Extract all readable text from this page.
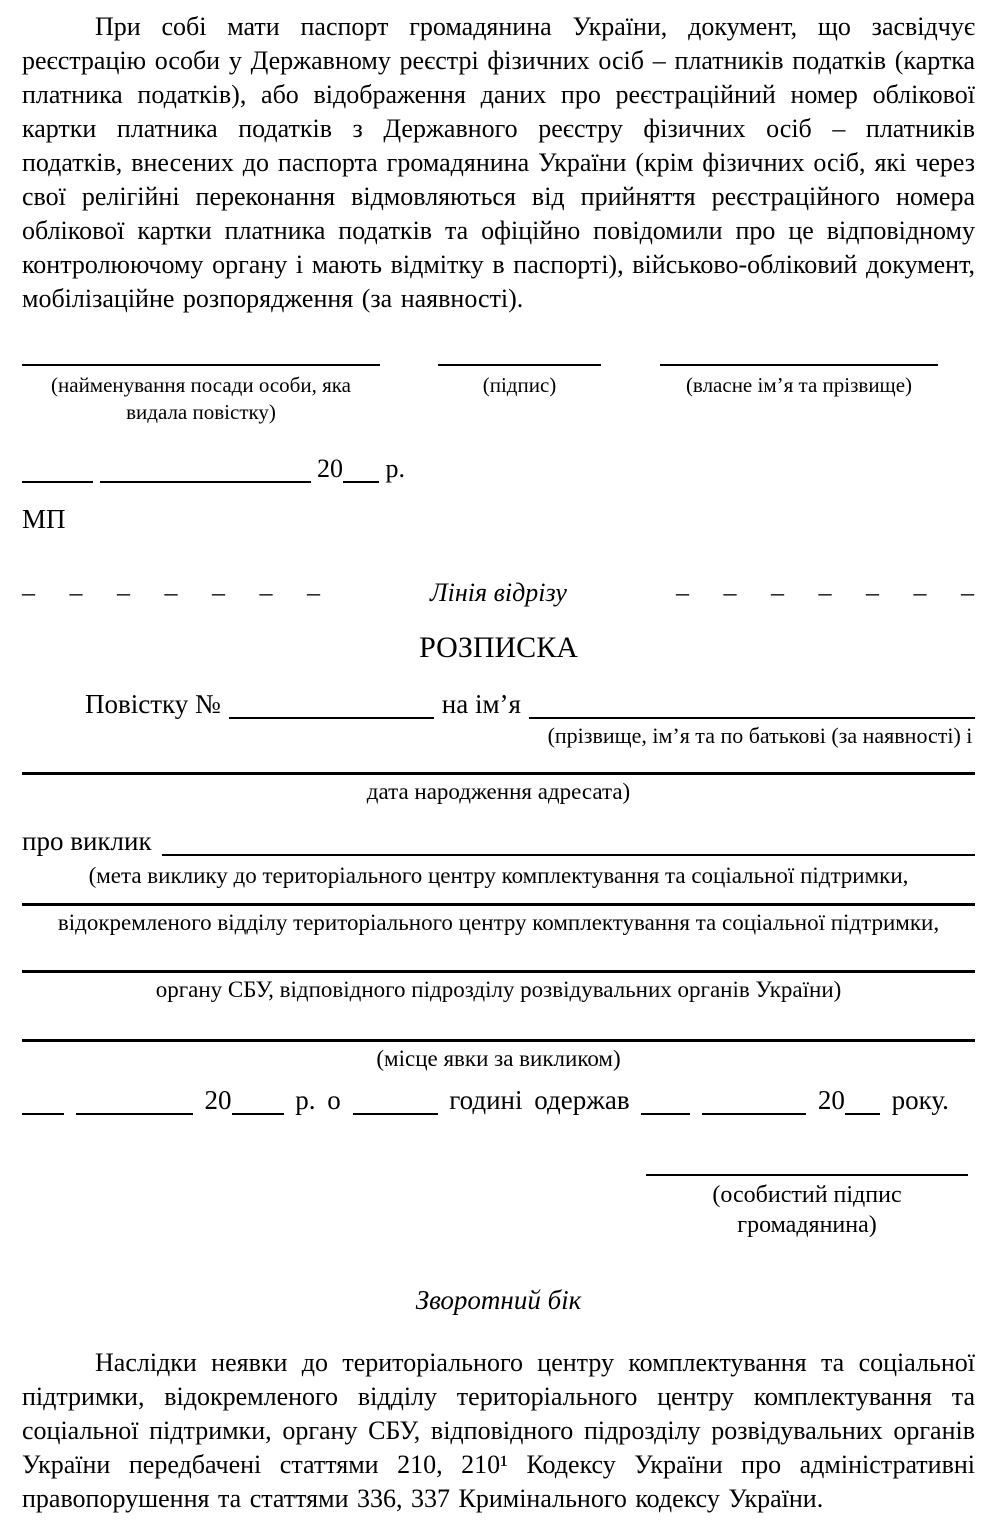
При собі мати паспорт громадянина України, документ, що засвідчує реєстрацію особи у Державному реєстрі фізичних осіб – платників податків (картка платника податків), або відображення даних про реєстраційний номер облікової картки платника податків з Державного реєстру фізичних осіб – платників податків, внесених до паспорта громадянина України (крім фізичних осіб, які через свої релігійні переконання відмовляються від прийняття реєстраційного номера облікової картки платника податків та офіційно повідомили про це відповідному контролюючому органу і мають відмітку в паспорті), військово-обліковий документ, мобілізаційне розпорядження (за наявності).

(найменування посади особи, яка
видала повістку)
(підпис)	(власне ім’я та прізвище)
20 р.
МП
– – – – – – –	Лінія відрізу	– – – – – – –
РОЗПИСКА
Повістку №	на ім’я
(прізвище, ім’я та по батькові (за наявності) і
дата народження адресата)
про виклик
(мета виклику до територіального центру комплектування та соціальної підтримки,
відокремленого відділу територіального центру комплектування та соціальної підтримки,
органу СБУ, відповідного підрозділу розвідувальних органів України)
(місце явки за викликом)
20 р. о	годині одержав	20 року.
(особистий підпис громадянина)
Зворотний бік

Наслідки неявки до територіального центру комплектування та соціальної підтримки, відокремленого відділу територіального центру комплектування та соціальної підтримки, органу СБУ, відповідного підрозділу розвідувальних органів України передбачені статтями 210, 210¹ Кодексу України про адміністративні правопорушення та статтями 336, 337 Кримінального кодексу України.
